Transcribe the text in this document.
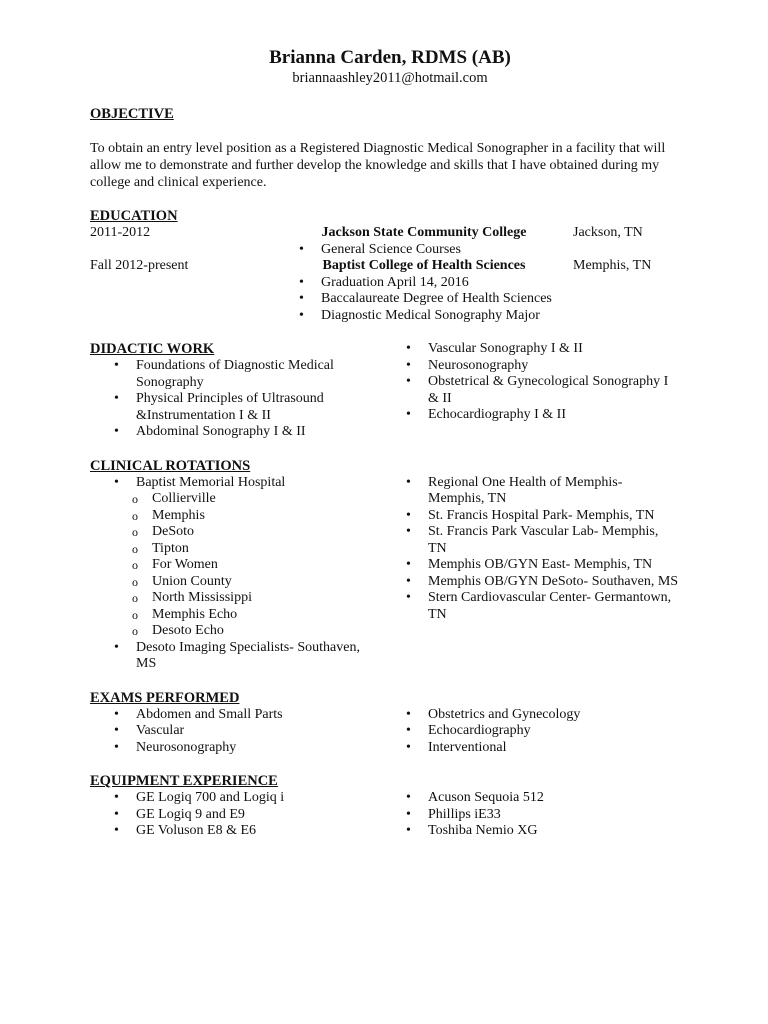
Brianna Carden, RDMS (AB)
briannaashley2011@hotmail.com
OBJECTIVE
To obtain an entry level position as a Registered Diagnostic Medical Sonographer in a facility that will allow me to demonstrate and further develop the knowledge and skills that I have obtained during my college and clinical experience.
EDUCATION
2011-2012	Jackson State Community College	Jackson, TN
• General Science Courses
Fall 2012-present	Baptist College of Health Sciences	Memphis, TN
• Graduation April 14, 2016
• Baccalaureate Degree of Health Sciences
• Diagnostic Medical Sonography Major
DIDACTIC WORK
• Foundations of Diagnostic Medical Sonography
• Physical Principles of Ultrasound &Instrumentation I & II
• Abdominal Sonography I & II
• Vascular Sonography I & II
• Neurosonography
• Obstetrical & Gynecological Sonography I & II
• Echocardiography I & II
CLINICAL ROTATIONS
• Baptist Memorial Hospital
o Collierville
o Memphis
o DeSoto
o Tipton
o For Women
o Union County
o North Mississippi
o Memphis Echo
o Desoto Echo
• Desoto Imaging Specialists- Southaven, MS
• Regional One Health of Memphis- Memphis, TN
• St. Francis Hospital Park- Memphis, TN
• St. Francis Park Vascular Lab- Memphis, TN
• Memphis OB/GYN East- Memphis, TN
• Memphis OB/GYN DeSoto- Southaven, MS
• Stern Cardiovascular Center- Germantown, TN
EXAMS PERFORMED
• Abdomen and Small Parts
• Vascular
• Neurosonography
• Obstetrics and Gynecology
• Echocardiography
• Interventional
EQUIPMENT EXPERIENCE
• GE Logiq 700 and Logiq i
• GE Logiq 9 and E9
• GE Voluson E8 & E6
• Acuson Sequoia 512
• Phillips iE33
• Toshiba Nemio XG
